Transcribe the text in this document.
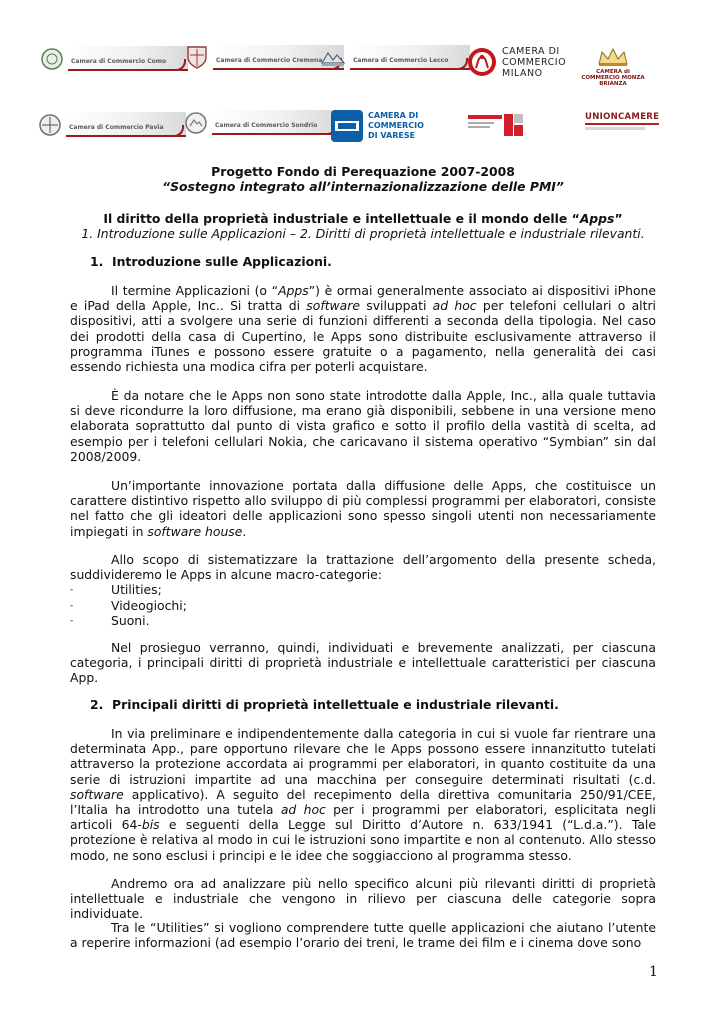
Camera di Commercio Como	Camera di Commercio Cremona	Camera di Commercio Lecco
CAMERA DI COMMERCIO MILANO	CAMERA di COMMERCIO MONZA BRIANZA
Camera di Commercio Pavia	Camera di Commercio Sondrio
CAMERA DI COMMERCIO DI VARESE
UNIONCAMERE

Progetto Fondo di Perequazione 2007-2008

“Sostegno integrato all’internazionalizzazione delle PMI”

Il diritto della proprietà industriale e intellettuale e il mondo delle “Apps”

1. Introduzione sulle Applicazioni – 2. Diritti di proprietà intellettuale e industriale rilevanti.

1. Introduzione sulle Applicazioni.

Il termine Applicazioni (o “Apps”) è ormai generalmente associato ai dispositivi iPhone e iPad della Apple, Inc.. Si tratta di software sviluppati ad hoc per telefoni cellulari o altri dispositivi, atti a svolgere una serie di funzioni differenti a seconda della tipologia. Nel caso dei prodotti della casa di Cupertino, le Apps sono distribuite esclusivamente attraverso il programma iTunes e possono essere gratuite o a pagamento, nella generalità dei casi essendo richiesta una modica cifra per poterli acquistare.

È da notare che le Apps non sono state introdotte dalla Apple, Inc., alla quale tuttavia si deve ricondurre la loro diffusione, ma erano già disponibili, sebbene in una versione meno elaborata soprattutto dal punto di vista grafico e sotto il profilo della vastità di scelta, ad esempio per i telefoni cellulari Nokia, che caricavano il sistema operativo “Symbian” sin dal 2008/2009.

Un’importante innovazione portata dalla diffusione delle Apps, che costituisce un carattere distintivo rispetto allo sviluppo di più complessi programmi per elaboratori, consiste nel fatto che gli ideatori delle applicazioni sono spesso singoli utenti non necessariamente impiegati in software house.

Allo scopo di sistematizzare la trattazione dell’argomento della presente scheda, suddivideremo le Apps in alcune macro-categorie:

- Utilities;
- Videogiochi;
- Suoni.

Nel prosieguo verranno, quindi, individuati e brevemente analizzati, per ciascuna categoria, i principali diritti di proprietà industriale e intellettuale caratteristici per ciascuna App.

2. Principali diritti di proprietà intellettuale e industriale rilevanti.

In via preliminare e indipendentemente dalla categoria in cui si vuole far rientrare una determinata App., pare opportuno rilevare che le Apps possono essere innanzitutto tutelati attraverso la protezione accordata ai programmi per elaboratori, in quanto costituite da una serie di istruzioni impartite ad una macchina per conseguire determinati risultati (c.d. software applicativo). A seguito del recepimento della direttiva comunitaria 250/91/CEE, l’Italia ha introdotto una tutela ad hoc per i programmi per elaboratori, esplicitata negli articoli 64-bis e seguenti della Legge sul Diritto d’Autore n. 633/1941 (“L.d.a.”). Tale protezione è relativa al modo in cui le istruzioni sono impartite e non al contenuto. Allo stesso modo, ne sono esclusi i principi e le idee che soggiacciono al programma stesso.

Andremo ora ad analizzare più nello specifico alcuni più rilevanti diritti di proprietà intellettuale e industriale che vengono in rilievo per ciascuna delle categorie sopra individuate.

Tra le “Utilities” si vogliono comprendere tutte quelle applicazioni che aiutano l’utente a reperire informazioni (ad esempio l’orario dei treni, le trame dei film e i cinema dove sono

1
